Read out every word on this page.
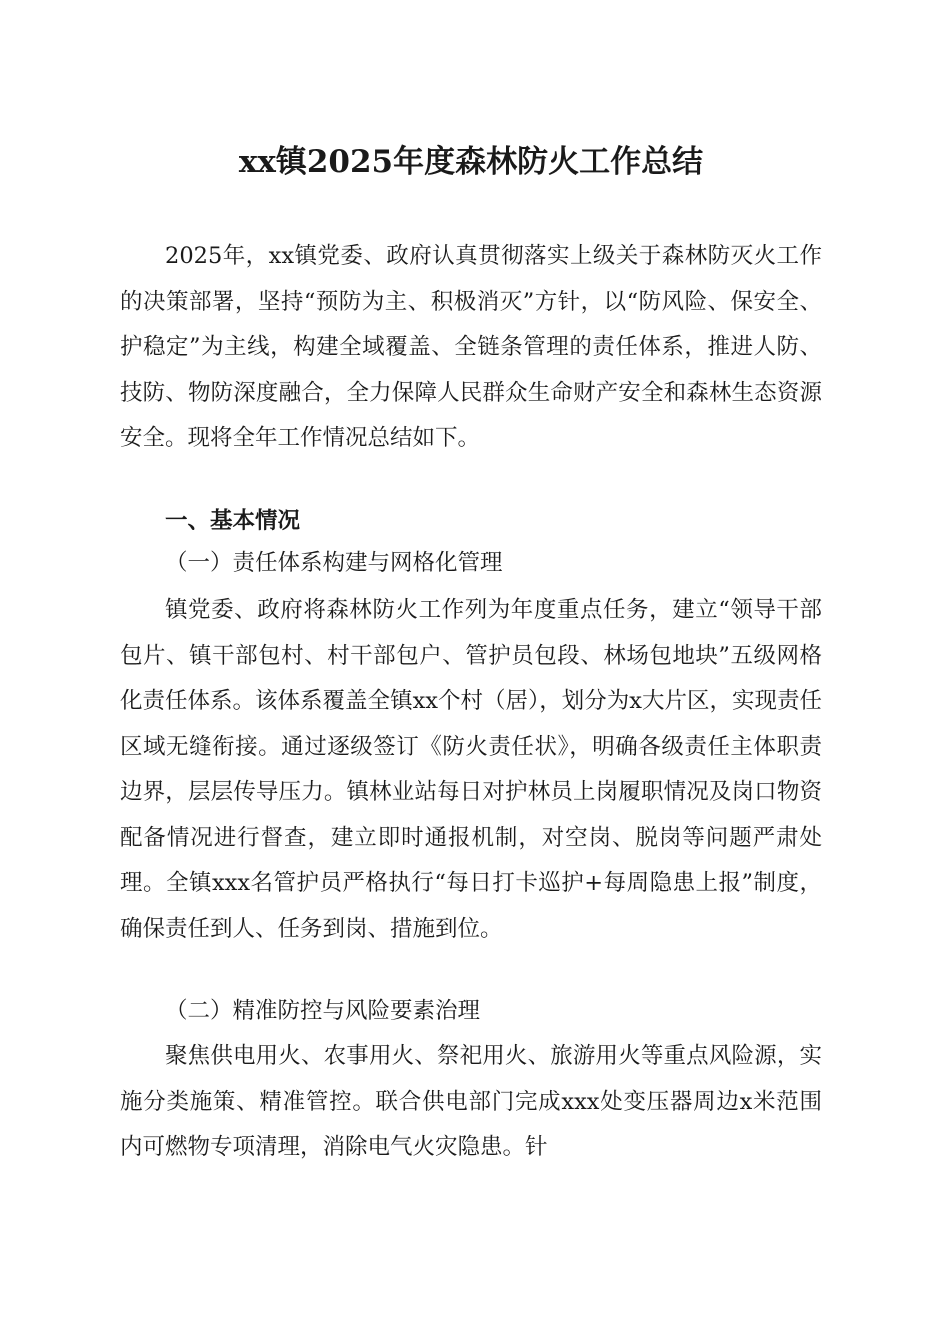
xx镇2025年度森林防火工作总结

2025年，xx镇党委、政府认真贯彻落实上级关于森林防灭火工作的决策部署，坚持“预防为主、积极消灭”方针，以“防风险、保安全、护稳定”为主线，构建全域覆盖、全链条管理的责任体系，推进人防、技防、物防深度融合，全力保障人民群众生命财产安全和森林生态资源安全。现将全年工作情况总结如下。

一、基本情况

（一）责任体系构建与网格化管理

镇党委、政府将森林防火工作列为年度重点任务，建立“领导干部包片、镇干部包村、村干部包户、管护员包段、林场包地块”五级网格化责任体系。该体系覆盖全镇xx个村（居），划分为x大片区，实现责任区域无缝衔接。通过逐级签订《防火责任状》，明确各级责任主体职责边界，层层传导压力。镇林业站每日对护林员上岗履职情况及岗口物资配备情况进行督查，建立即时通报机制，对空岗、脱岗等问题严肃处理。全镇xxx名管护员严格执行“每日打卡巡护+每周隐患上报”制度，确保责任到人、任务到岗、措施到位。

（二）精准防控与风险要素治理

聚焦供电用火、农事用火、祭祀用火、旅游用火等重点风险源，实施分类施策、精准管控。联合供电部门完成xxx处变压器周边x米范围内可燃物专项清理，消除电气火灾隐患。针
